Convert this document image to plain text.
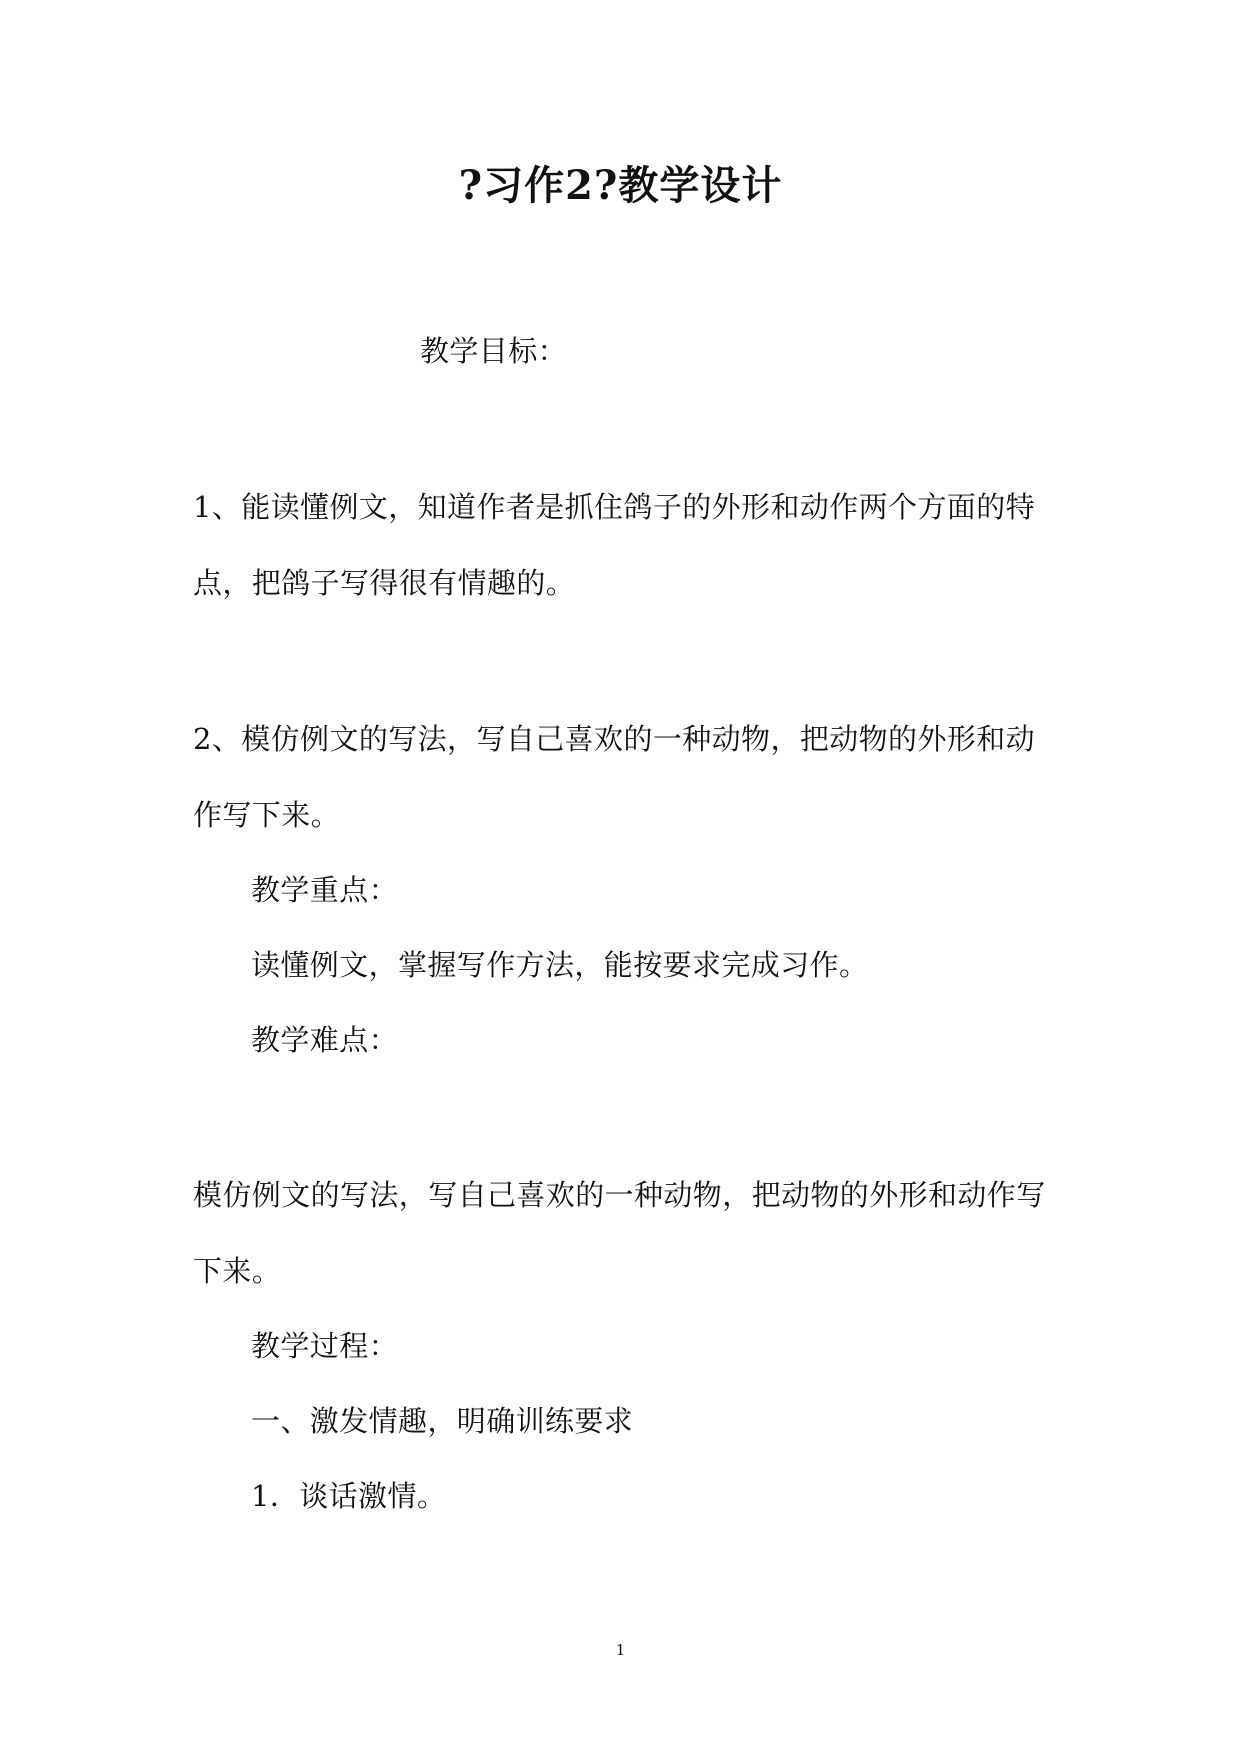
?习作2?教学设计
教学目标：
1、能读懂例文，知道作者是抓住鸽子的外形和动作两个方面的特
点，把鸽子写得很有情趣的。
2、模仿例文的写法，写自己喜欢的一种动物，把动物的外形和动
作写下来。
教学重点：
读懂例文，掌握写作方法，能按要求完成习作。
教学难点：
模仿例文的写法，写自己喜欢的一种动物，把动物的外形和动作写
下来。
教学过程：
一、激发情趣，明确训练要求
1．谈话激情。
1
